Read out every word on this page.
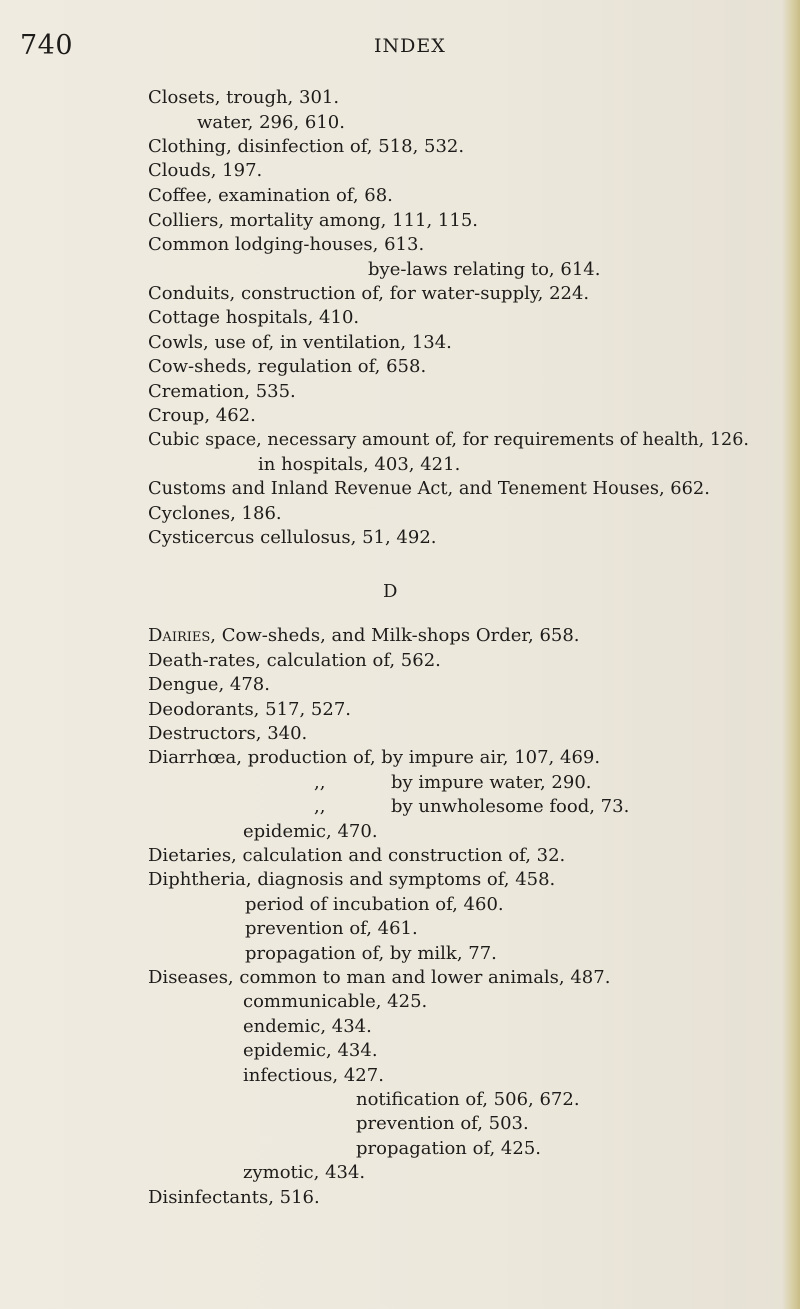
740	INDEX
Closets, trough, 301.
water, 296, 610.
Clothing, disinfection of, 518, 532.
Clouds, 197.
Coffee, examination of, 68.
Colliers, mortality among, 111, 115.
Common lodging-houses, 613.
bye-laws relating to, 614.
Conduits, construction of, for water-supply, 224.
Cottage hospitals, 410.
Cowls, use of, in ventilation, 134.
Cow-sheds, regulation of, 658.
Cremation, 535.
Croup, 462.
Cubic space, necessary amount of, for requirements of health, 126.
in hospitals, 403, 421.
Customs and Inland Revenue Act, and Tenement Houses, 662.
Cyclones, 186.
Cysticercus cellulosus, 51, 492.
D
Dairies, Cow-sheds, and Milk-shops Order, 658.
Death-rates, calculation of, 562.
Dengue, 478.
Deodorants, 517, 527.
Destructors, 340.
Diarrhœa, production of, by impure air, 107, 469.
,,	by impure water, 290.
,,	by unwholesome food, 73.
epidemic, 470.
Dietaries, calculation and construction of, 32.
Diphtheria, diagnosis and symptoms of, 458.
period of incubation of, 460.
prevention of, 461.
propagation of, by milk, 77.
Diseases, common to man and lower animals, 487.
communicable, 425.
endemic, 434.
epidemic, 434.
infectious, 427.
notification of, 506, 672.
prevention of, 503.
propagation of, 425.
zymotic, 434.
Disinfectants, 516.
